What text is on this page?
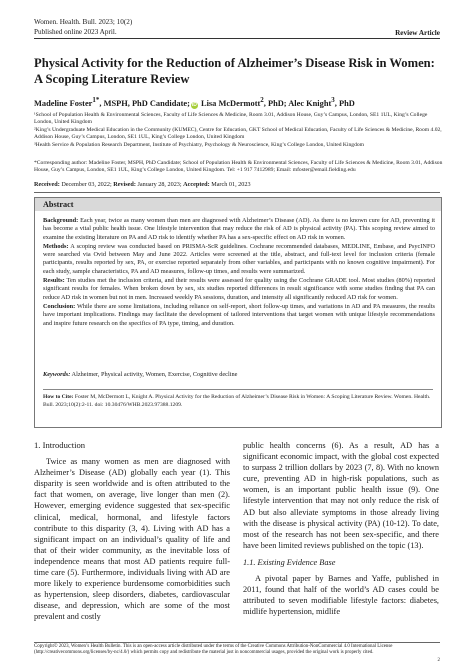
Women. Health. Bull. 2023; 10(2)
Published online 2023 April.	Review Article
Physical Activity for the Reduction of Alzheimer’s Disease Risk in Women: A Scoping Literature Review
Madeline Foster$^{1*}$, MSPH, PhD Candidate; iD Lisa McDermott$^2$, PhD; Alec Knight$^3$, PhD
¹School of Population Health & Environmental Sciences, Faculty of Life Sciences & Medicine, Room 3.01, Addison House, Guy’s Campus, London, SE1 1UL, King’s College London, United Kingdom
²King’s Undergraduate Medical Education in the Community (KUMEC), Centre for Education, GKT School of Medical Education, Faculty of Life Sciences & Medicine, Room 4.02, Addison House, Guy’s Campus, London, SE1 1UL, King’s College London, United Kingdom
³Health Service & Population Research Department, Institute of Psychiatry, Psychology & Neuroscience, King’s College London, United Kingdom
*Corresponding author: Madeline Foster, MSPH, PhD Candidate; School of Population Health & Environmental Sciences, Faculty of Life Sciences & Medicine, Room 3.01, Addison House, Guy’s Campus, London, SE1 1UL, King’s College London, United Kingdom. Tel: +1 917 7412989; Email: mfoster@email.fielding.edu
Received: December 03, 2022; Revised: January 28, 2023; Accepted: March 01, 2023
Abstract

Background: Each year, twice as many women than men are diagnosed with Alzheimer’s Disease (AD). As there is no known cure for AD, preventing it has become a vital public health issue. One lifestyle intervention that may reduce the risk of AD is physical activity (PA). This scoping review aimed to examine the existing literature on PA and AD risk to identify whether PA has a sex-specific effect on AD risk in women.

Methods: A scoping review was conducted based on PRISMA-ScR guidelines. Cochrane recommended databases, MEDLINE, Embase, and PsycINFO were searched via Ovid between May and June 2022. Articles were screened at the title, abstract, and full-text level for inclusion criteria (female participants, results reported by sex, PA, or exercise reported separately from other variables, and participants with no known cognitive impairment). For each study, sample characteristics, PA and AD measures, follow-up times, and results were summarized.

Results: Ten studies met the inclusion criteria, and their results were assessed for quality using the Cochrane GRADE tool. Most studies (80%) reported significant results for females. When broken down by sex, six studies reported differences in result significance with some studies finding that PA can reduce AD risk in women but not in men. Increased weekly PA sessions, duration, and intensity all significantly reduced AD risk for women.

Conclusion: While there are some limitations, including reliance on self-report, short follow-up times, and variations in AD and PA measures, the results have important implications. Findings may facilitate the development of tailored interventions that target women with unique lifestyle recommendations and inspire future research on the specifics of PA type, timing, and duration.

Keywords: Alzheimer, Physical activity, Women, Exercise, Cognitive decline
How to Cite: Foster M, McDermott L, Knight A. Physical Activity for the Reduction of Alzheimer’s Disease Risk in Women: A Scoping Literature Review. Women. Health. Bull. 2023;10(2):2-11. doi: 10.30476/WHB.2023.97388.1209.

1. Introduction

Twice as many women as men are diagnosed with Alzheimer’s Disease (AD) globally each year (1). This disparity is seen worldwide and is often attributed to the fact that women, on average, live longer than men (2). However, emerging evidence suggested that sex-specific clinical, medical, hormonal, and lifestyle factors contribute to this disparity (3, 4). Living with AD has a significant impact on an individual’s quality of life and that of their wider community, as the inevitable loss of independence means that most AD patients require full-time care (5). Furthermore, individuals living with AD are more likely to experience burdensome comorbidities such as hypertension, sleep disorders, diabetes, cardiovascular disease, and depression, which are some of the most prevalent and costly

public health concerns (6). As a result, AD has a significant economic impact, with the global cost expected to surpass 2 trillion dollars by 2023 (7, 8). With no known cure, preventing AD in high-risk populations, such as women, is an important public health issue (9). One lifestyle intervention that may not only reduce the risk of AD but also alleviate symptoms in those already living with the disease is physical activity (PA) (10-12). To date, most of the research has not been sex-specific, and there have been limited reviews published on the topic (13).

1.1. Existing Evidence Base

A pivotal paper by Barnes and Yaffe, published in 2011, found that half of the world’s AD cases could be attributed to seven modifiable lifestyle factors: diabetes, midlife hypertension, midlife

Copyright© 2023, Women’s Health Bulletin. This is an open-access article distributed under the terms of the Creative Commons Attribution-NonCommercial 4.0 International License (http://creativecommons.org/licenses/by-nc/4.0/) which permits copy and redistribute the material just in noncommercial usages, provided the original work is properly cited.
2
